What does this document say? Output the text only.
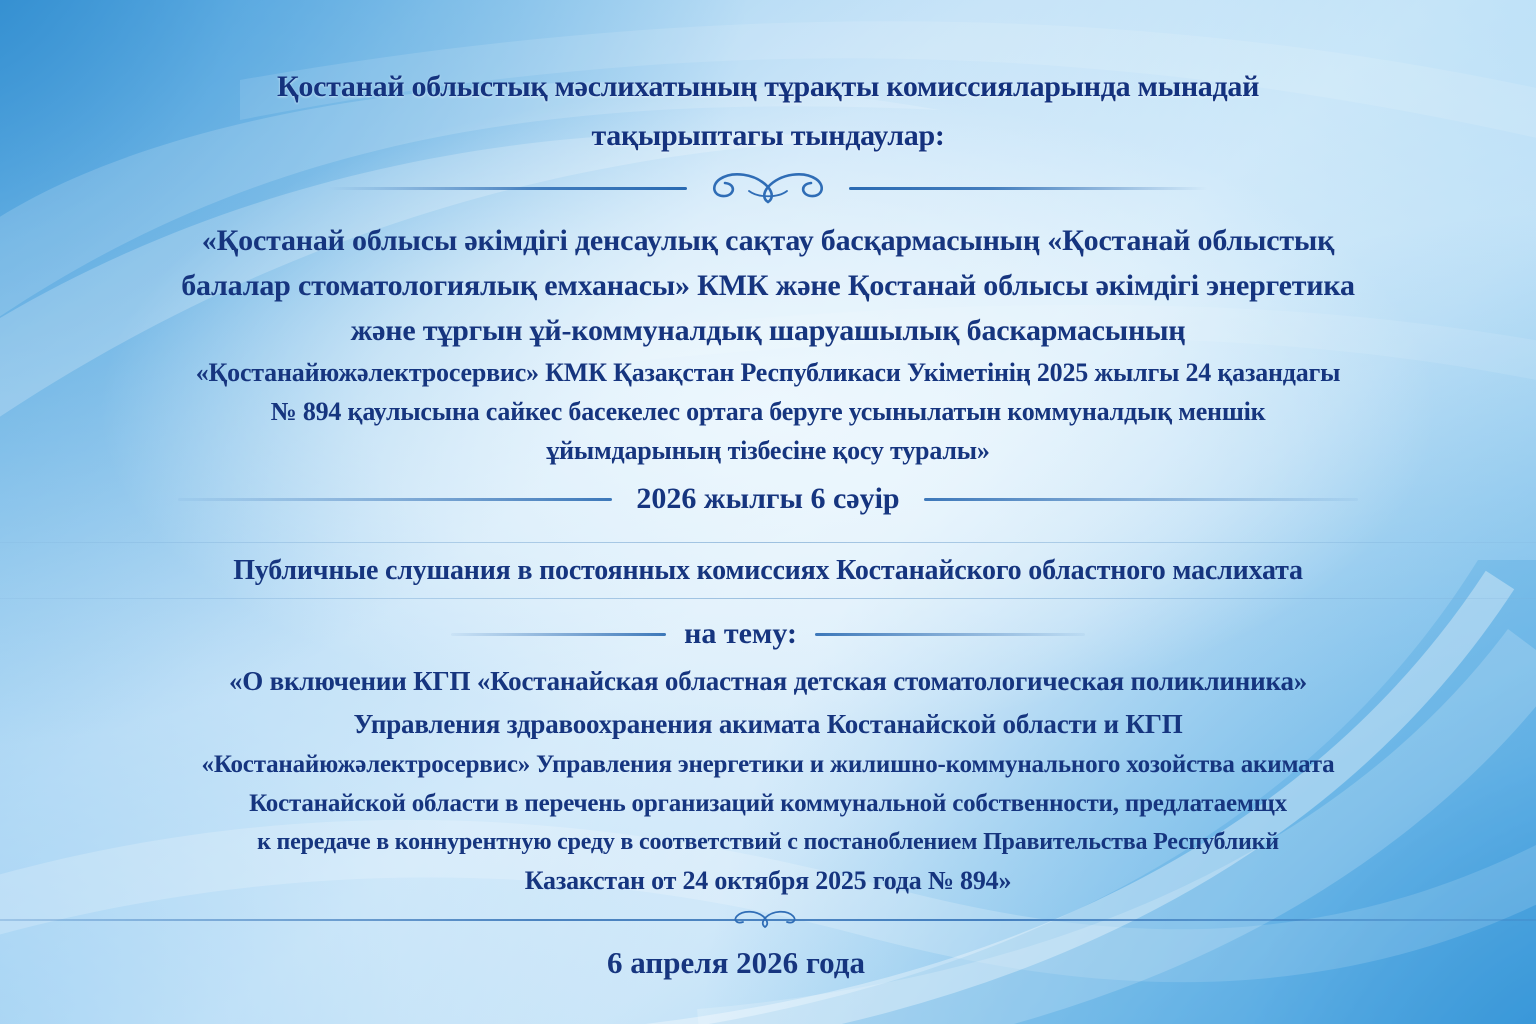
Қостанай облыстық мәслихатының тұрақты комиссияларында мынадай
тақырыптагы тындаулар:
«Қостанай облысы әкімдігі денсаулық сақтау басқармасының «Қостанай облыстық
балалар стоматологиялық емханасы» КМК және Қостанай облысы әкімдігі энергетика
және тұргын ұй-коммуналдық шаруашылық баскармасының
«Қостанайюжәлектросервис» КМК Қазақстан Республикаси Укіметінің 2025 жылгы 24 қазандагы
№ 894 қаулысына сайкес басекелес ортага беруге усынылатын коммуналдық меншік
ұйымдарының тізбесіне қосу туралы»
2026 жылгы 6 сәуір
Публичные слушания в постоянных комиссиях Костанайского областного маслихата
на тему:
«О включении КГП «Костанайская областная детская стоматологическая поликлиника»
Управления здравоохранения акимата Костанайской области и КГП
«Костанайюжәлектросервис» Управления энергетики и жилишно-коммунального хозойства акимата
Костанайской области в перечень организаций коммунальной собственности, предлатаемщх
к передаче в коннурентную среду в соответствий с постаноблением Правительства Республикй
Казакстан от 24 октября 2025 года № 894»
6 апреля 2026 года
